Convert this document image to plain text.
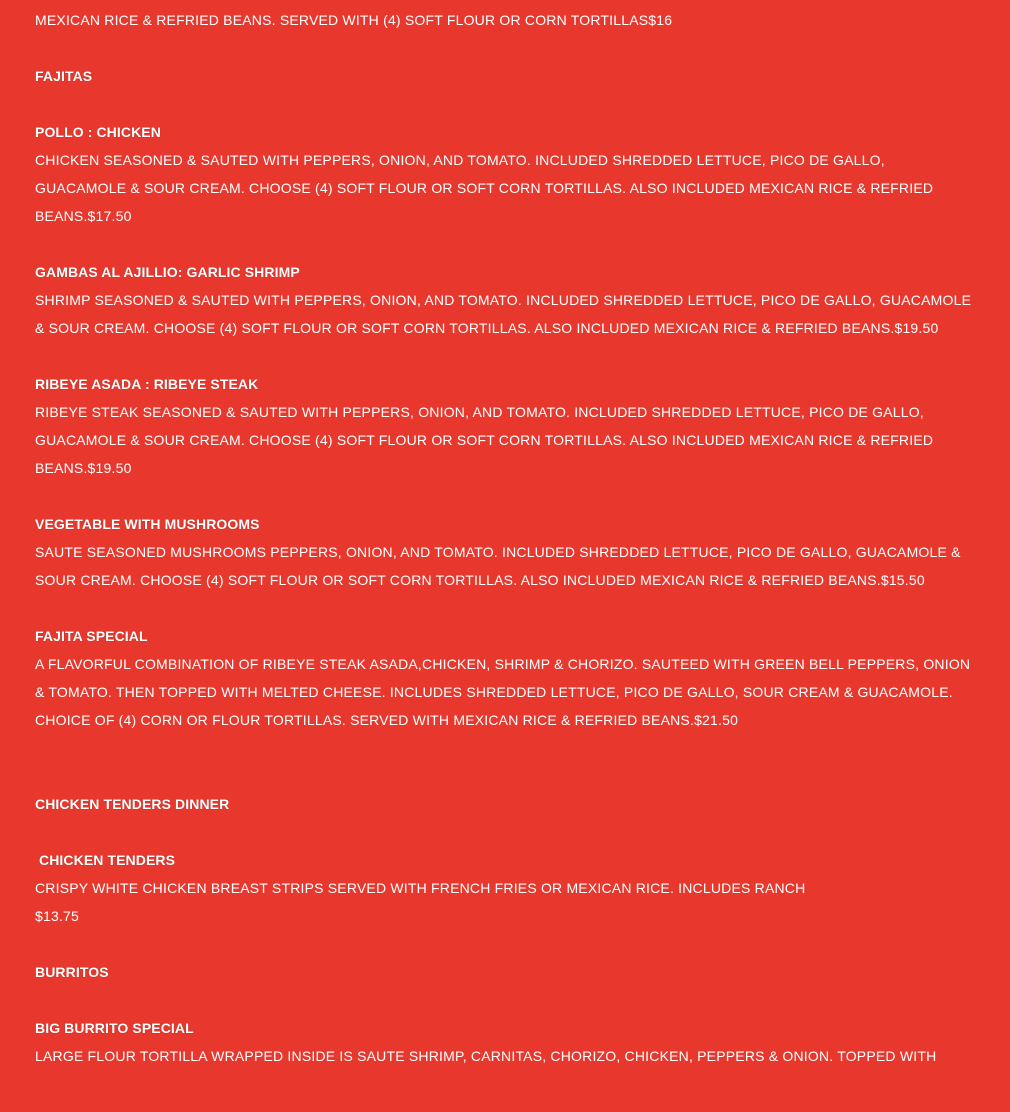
MEXICAN RICE & REFRIED BEANS. SERVED WITH (4) SOFT FLOUR OR CORN TORTILLAS$16

FAJITAS

POLLO : CHICKEN

CHICKEN SEASONED & SAUTED WITH PEPPERS, ONION, AND TOMATO. INCLUDED SHREDDED LETTUCE, PICO DE GALLO, GUACAMOLE & SOUR CREAM. CHOOSE (4) SOFT FLOUR OR SOFT CORN TORTILLAS. ALSO INCLUDED MEXICAN RICE & REFRIED BEANS.$17.50

GAMBAS AL AJILLIO: GARLIC SHRIMP

SHRIMP SEASONED & SAUTED WITH PEPPERS, ONION, AND TOMATO. INCLUDED SHREDDED LETTUCE, PICO DE GALLO, GUACAMOLE & SOUR CREAM. CHOOSE (4) SOFT FLOUR OR SOFT CORN TORTILLAS. ALSO INCLUDED MEXICAN RICE & REFRIED BEANS.$19.50

RIBEYE ASADA : RIBEYE STEAK

RIBEYE STEAK SEASONED & SAUTED WITH PEPPERS, ONION, AND TOMATO. INCLUDED SHREDDED LETTUCE, PICO DE GALLO, GUACAMOLE & SOUR CREAM. CHOOSE (4) SOFT FLOUR OR SOFT CORN TORTILLAS. ALSO INCLUDED MEXICAN RICE & REFRIED BEANS.$19.50

VEGETABLE WITH MUSHROOMS

SAUTE SEASONED MUSHROOMS PEPPERS, ONION, AND TOMATO. INCLUDED SHREDDED LETTUCE, PICO DE GALLO, GUACAMOLE & SOUR CREAM. CHOOSE (4) SOFT FLOUR OR SOFT CORN TORTILLAS. ALSO INCLUDED MEXICAN RICE & REFRIED BEANS.$15.50

FAJITA SPECIAL

A FLAVORFUL COMBINATION OF RIBEYE STEAK ASADA,CHICKEN, SHRIMP & CHORIZO. SAUTEED WITH GREEN BELL PEPPERS, ONION & TOMATO. THEN TOPPED WITH MELTED CHEESE. INCLUDES SHREDDED LETTUCE, PICO DE GALLO, SOUR CREAM & GUACAMOLE. CHOICE OF (4) CORN OR FLOUR TORTILLAS. SERVED WITH MEXICAN RICE & REFRIED BEANS.$21.50

CHICKEN TENDERS DINNER

CHICKEN TENDERS

CRISPY WHITE CHICKEN BREAST STRIPS SERVED WITH FRENCH FRIES OR MEXICAN RICE. INCLUDES RANCH

$13.75

BURRITOS

BIG BURRITO SPECIAL

LARGE FLOUR TORTILLA WRAPPED INSIDE IS SAUTE SHRIMP, CARNITAS, CHORIZO, CHICKEN, PEPPERS & ONION. TOPPED WITH
